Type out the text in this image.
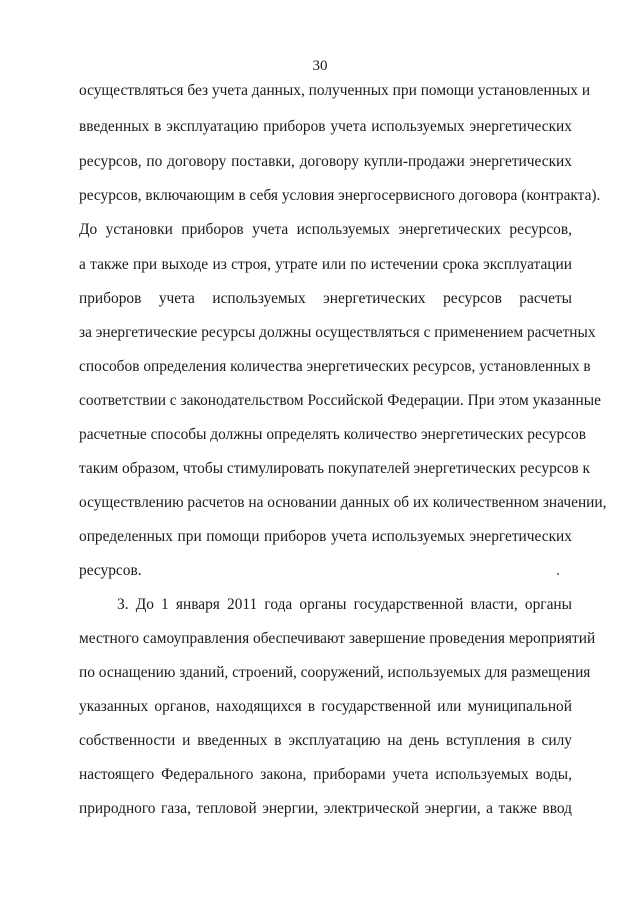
30
осуществляться без учета данных, полученных при помощи установленных и
введенных в эксплуатацию приборов учета используемых энергетических
ресурсов, по договору поставки, договору купли-продажи энергетических
ресурсов, включающим в себя условия энергосервисного договора (контракта).
До установки приборов учета используемых энергетических ресурсов,
а также при выходе из строя, утрате или по истечении срока эксплуатации
приборов учета используемых энергетических ресурсов расчеты
за энергетические ресурсы должны осуществляться с применением расчетных
способов определения количества энергетических ресурсов, установленных в
соответствии с законодательством Российской Федерации. При этом указанные
расчетные способы должны определять количество энергетических ресурсов
таким образом, чтобы стимулировать покупателей энергетических ресурсов к
осуществлению расчетов на основании данных об их количественном значении,
определенных при помощи приборов учета используемых энергетических
ресурсов.
3. До 1 января 2011 года органы государственной власти, органы
местного самоуправления обеспечивают завершение проведения мероприятий
по оснащению зданий, строений, сооружений, используемых для размещения
указанных органов, находящихся в государственной или муниципальной
собственности и введенных в эксплуатацию на день вступления в силу
настоящего Федерального закона, приборами учета используемых воды,
природного газа, тепловой энергии, электрической энергии, а также ввод
